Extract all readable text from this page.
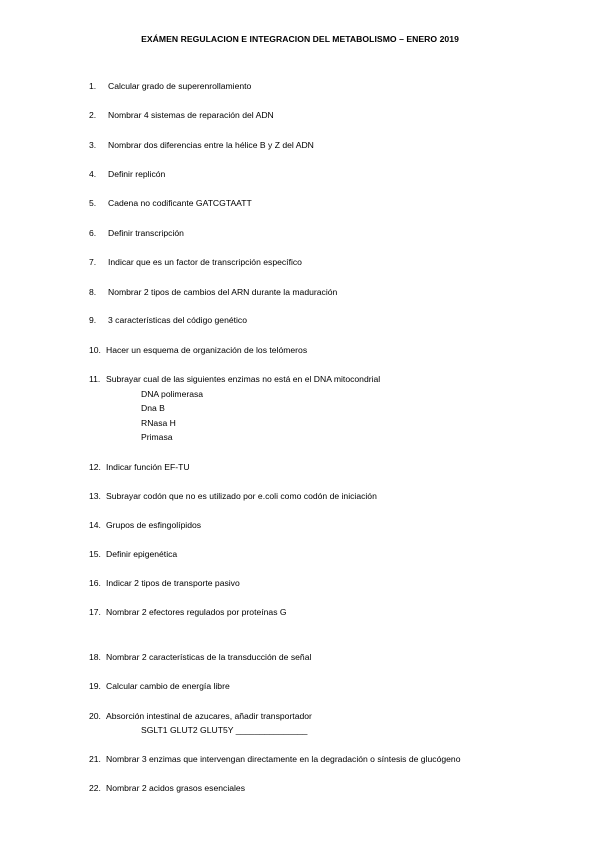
EXÁMEN REGULACION E INTEGRACION DEL METABOLISMO – ENERO 2019
1. Calcular grado de superenrollamiento
2. Nombrar 4 sistemas de reparación del ADN
3. Nombrar dos diferencias entre la hélice B y Z del ADN
4. Definir replicón
5. Cadena no codificante GATCGTAATT
6. Definir transcripción
7. Indicar que es un factor de transcripción específico
8. Nombrar 2 tipos de cambios del ARN durante la maduración
9. 3 características del código genético
10. Hacer un esquema de organización de los telómeros
11. Subrayar cual de las siguientes enzimas no está en el DNA mitocondrial
DNA polimerasa
Dna B
RNasa H
Primasa
12. Indicar función EF-TU
13. Subrayar codón que no es utilizado por e.coli como codón de iniciación
14. Grupos de esfingolípidos
15. Definir epigenética
16. Indicar 2 tipos de transporte pasivo
17. Nombrar 2 efectores regulados por proteínas G
18. Nombrar 2 características de la transducción de señal
19. Calcular cambio de energía libre
20. Absorción intestinal de azucares, añadir transportador
SGLT1 GLUT2 GLUT5Y _______________
21. Nombrar 3 enzimas que intervengan directamente en la degradación o síntesis de glucógeno
22. Nombrar 2 acidos grasos esenciales
